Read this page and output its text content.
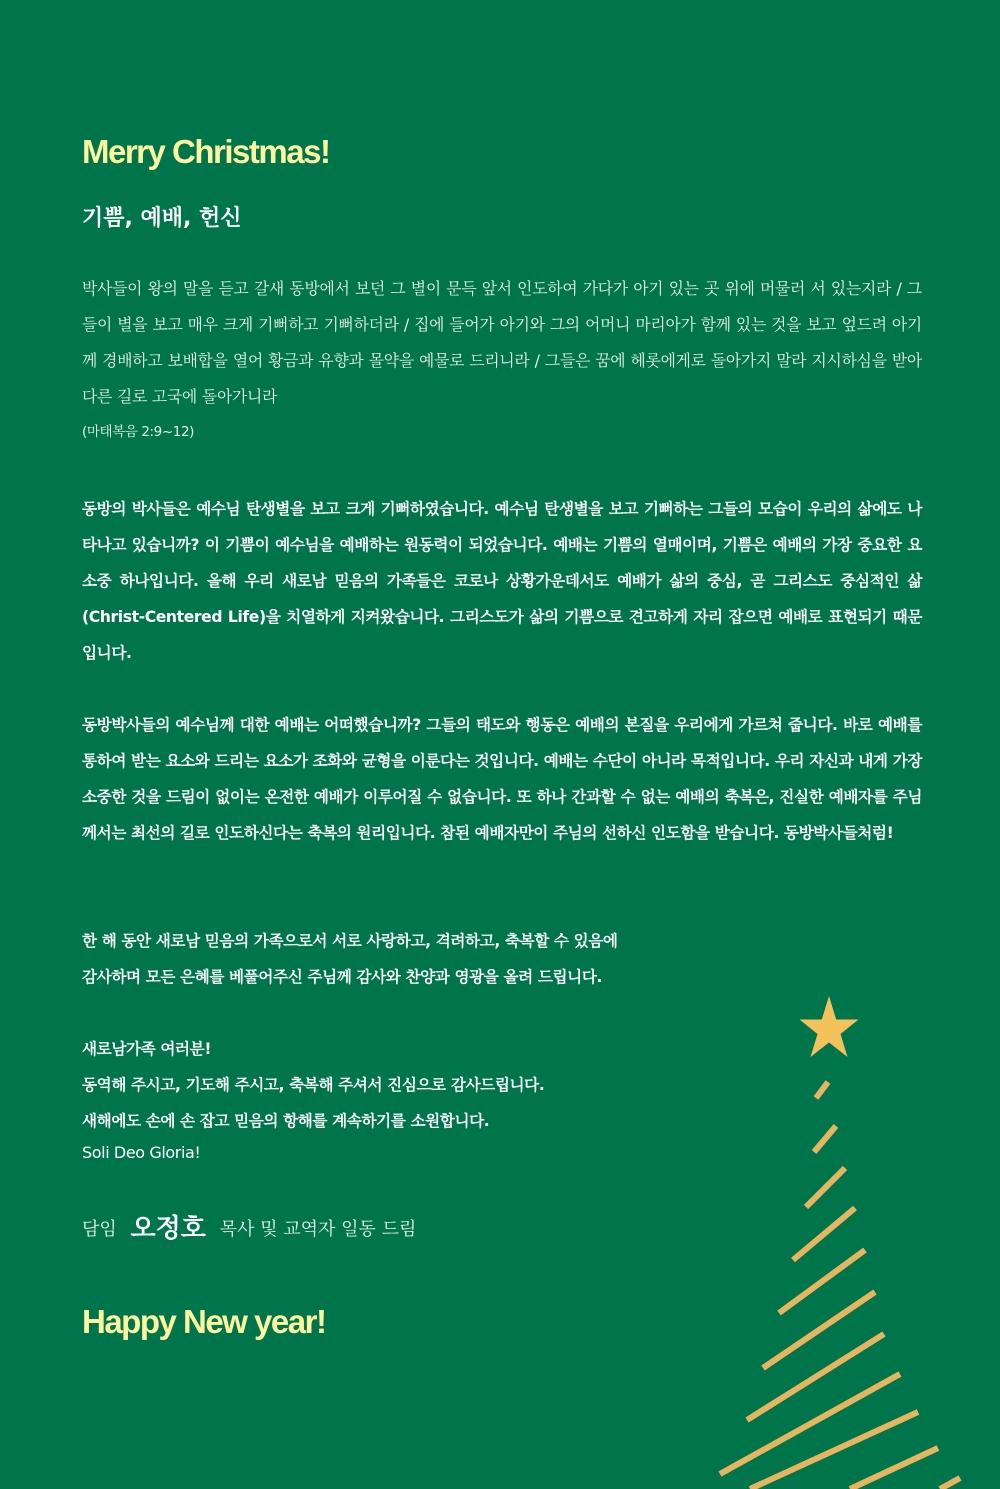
Merry Christmas!
기쁨, 예배, 헌신

박사들이 왕의 말을 듣고 갈새 동방에서 보던 그 별이 문득 앞서 인도하여 가다가 아기 있는 곳 위에 머물러 서 있는지라 / 그들이 별을 보고 매우 크게 기뻐하고 기뻐하더라 / 집에 들어가 아기와 그의 어머니 마리아가 함께 있는 것을 보고 엎드려 아기께 경배하고 보배합을 열어 황금과 유향과 몰약을 예물로 드리니라 / 그들은 꿈에 헤롯에게로 돌아가지 말라 지시하심을 받아 다른 길로 고국에 돌아가니라

(마태복음 2:9~12)

동방의 박사들은 예수님 탄생별을 보고 크게 기뻐하였습니다. 예수님 탄생별을 보고 기뻐하는 그들의 모습이 우리의 삶에도 나타나고 있습니까? 이 기쁨이 예수님을 예배하는 원동력이 되었습니다. 예배는 기쁨의 열매이며, 기쁨은 예배의 가장 중요한 요소중 하나입니다. 올해 우리 새로남 믿음의 가족들은 코로나 상황가운데서도 예배가 삶의 중심, 곧 그리스도 중심적인 삶(Christ-Centered Life)을 치열하게 지켜왔습니다. 그리스도가 삶의 기쁨으로 견고하게 자리 잡으면 예배로 표현되기 때문입니다.

동방박사들의 예수님께 대한 예배는 어떠했습니까? 그들의 태도와 행동은 예배의 본질을 우리에게 가르쳐 줍니다. 바로 예배를 통하여 받는 요소와 드리는 요소가 조화와 균형을 이룬다는 것입니다. 예배는 수단이 아니라 목적입니다. 우리 자신과 내게 가장 소중한 것을 드림이 없이는 온전한 예배가 이루어질 수 없습니다. 또 하나 간과할 수 없는 예배의 축복은, 진실한 예배자를 주님께서는 최선의 길로 인도하신다는 축복의 원리입니다. 참된 예배자만이 주님의 선하신 인도함을 받습니다. 동방박사들처럼!

한 해 동안 새로남 믿음의 가족으로서 서로 사랑하고, 격려하고, 축복할 수 있음에
감사하며 모든 은혜를 베풀어주신 주님께 감사와 찬양과 영광을 올려 드립니다.
새로남가족 여러분!
동역해 주시고, 기도해 주시고, 축복해 주셔서 진심으로 감사드립니다.
새해에도 손에 손 잡고 믿음의 항해를 계속하기를 소원합니다.
Soli Deo Gloria!
담임 오정호 목사 및 교역자 일동 드림
Happy New year!
